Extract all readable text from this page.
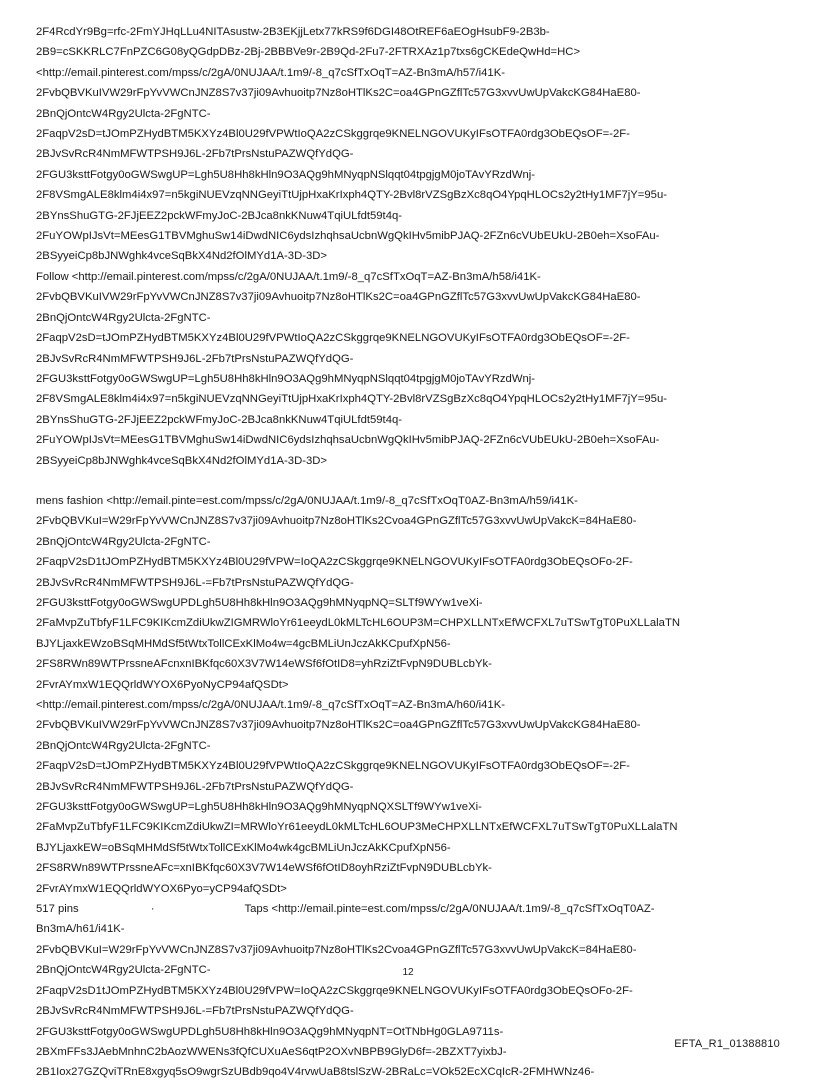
2F4RcdYr9Bg=rfc-2FmYJHqLLu4NITAsustw-2B3EKjjLetx77kRS9f6DGI48OtREF6aEOgHsubF9-2B3b-
2B9=cSKKRLC7FnPZC6G08yQGdpDBz-2Bj-2BBBVe9r-2B9Qd-2Fu7-2FTRXAz1p7txs6gCKEdeQwHd=HC>
<http://email.pinterest.com/mpss/c/2gA/0NUJAA/t.1m9/-8_q7cSfTxOqT=AZ-Bn3mA/h57/i41K-
2FvbQBVKuIVW29rFpYvVWCnJNZ8S7v37ji09Avhuoitp7Nz8oHTlKs2C=oa4GPnGZflTc57G3xvvUwUpVakcKG84HaE80-
2BnQjOntcW4Rgy2Ulcta-2FgNTC-
2FaqpV2sD=tJOmPZHydBTM5KXYz4Bl0U29fVPWtIoQA2zCSkggrqe9KNELNGOVUKyIFsOTFA0rdg3ObEQsOF=-2F-
2BJvSvRcR4NmMFWTPSH9J6L-2Fb7tPrsNstuPAZWQfYdQG-
2FGU3ksttFotgy0oGWSwgUP=Lgh5U8Hh8kHln9O3AQg9hMNyqpNSlqqt04tpgjgM0joTAvYRzdWnj-
2F8VSmgALE8klm4i4x97=n5kgiNUEVzqNNGeyiTtUjpHxaKrIxph4QTY-2Bvl8rVZSgBzXc8qO4YpqHLOCs2y2tHy1MF7jY=95u-
2BYnsShuGTG-2FJjEEZ2pckWFmyJoC-2BJca8nkKNuw4TqiULfdt59t4q-
2FuYOWpIJsVt=MEesG1TBVMghuSw14iDwdNIC6ydsIzhqhsaUcbnWgQkIHv5mibPJAQ-2FZn6cVUbEUkU-2B0eh=XsoFAu-
2BSyyeiCp8bJNWghk4vceSqBkX4Nd2fOlMYd1A-3D-3D>
Follow <http://email.pinterest.com/mpss/c/2gA/0NUJAA/t.1m9/-8_q7cSfTxOqT=AZ-Bn3mA/h58/i41K-
2FvbQBVKuIVW29rFpYvVWCnJNZ8S7v37ji09Avhuoitp7Nz8oHTlKs2C=oa4GPnGZflTc57G3xvvUwUpVakcKG84HaE80-
2BnQjOntcW4Rgy2Ulcta-2FgNTC-
2FaqpV2sD=tJOmPZHydBTM5KXYz4Bl0U29fVPWtIoQA2zCSkggrqe9KNELNGOVUKyIFsOTFA0rdg3ObEQsOF=-2F-
2BJvSvRcR4NmMFWTPSH9J6L-2Fb7tPrsNstuPAZWQfYdQG-
2FGU3ksttFotgy0oGWSwgUP=Lgh5U8Hh8kHln9O3AQg9hMNyqpNSlqqt04tpgjgM0joTAvYRzdWnj-
2F8VSmgALE8klm4i4x97=n5kgiNUEVzqNNGeyiTtUjpHxaKrIxph4QTY-2Bvl8rVZSgBzXc8qO4YpqHLOCs2y2tHy1MF7jY=95u-
2BYnsShuGTG-2FJjEEZ2pckWFmyJoC-2BJca8nkKNuw4TqiULfdt59t4q-
2FuYOWpIJsVt=MEesG1TBVMghuSw14iDwdNIC6ydsIzhqhsaUcbnWgQkIHv5mibPJAQ-2FZn6cVUbEUkU-2B0eh=XsoFAu-
2BSyyeiCp8bJNWghk4vceSqBkX4Nd2fOlMYd1A-3D-3D>
mens fashion <http://email.pinte=est.com/mpss/c/2gA/0NUJAA/t.1m9/-8_q7cSfTxOqT0AZ-Bn3mA/h59/i41K-
2FvbQBVKuI=W29rFpYvVWCnJNZ8S7v37ji09Avhuoitp7Nz8oHTlKs2Cvoa4GPnGZflTc57G3xvvUwUpVakcK=84HaE80-
2BnQjOntcW4Rgy2Ulcta-2FgNTC-
2FaqpV2sD1tJOmPZHydBTM5KXYz4Bl0U29fVPW=IoQA2zCSkggrqe9KNELNGOVUKyIFsOTFA0rdg3ObEQsOFo-2F-
2BJvSvRcR4NmMFWTPSH9J6L-=Fb7tPrsNstuPAZWQfYdQG-
2FGU3ksttFotgy0oGWSwgUPDLgh5U8Hh8kHln9O3AQg9hMNyqpNQ=SLTf9WYw1veXi-
2FaMvpZuTbfyF1LFC9KIKcmZdiUkwZIGMRWloYr61eeydL0kMLTcHL6OUP3M=CHPXLLNTxEfWCFXL7uTSwTgT0PuXLLalaTN
BJYLjaxkEWzoBSqMHMdSf5tWtxTollCExKlMo4w=4gcBMLiUnJczAkKCpufXpN56-
2FS8RWn89WTPrssneAFcnxnIBKfqc60X3V7W14eWSf6fOtID8=yhRziZtFvpN9DUBLcbYk-
2FvrAYmxW1EQQrldWYOX6PyoNyCP94afQSDt>
<http://email.pinterest.com/mpss/c/2gA/0NUJAA/t.1m9/-8_q7cSfTxOqT=AZ-Bn3mA/h60/i41K-
2FvbQBVKuIVW29rFpYvVWCnJNZ8S7v37ji09Avhuoitp7Nz8oHTlKs2C=oa4GPnGZflTc57G3xvvUwUpVakcKG84HaE80-
2BnQjOntcW4Rgy2Ulcta-2FgNTC-
2FaqpV2sD=tJOmPZHydBTM5KXYz4Bl0U29fVPWtIoQA2zCSkggrqe9KNELNGOVUKyIFsOTFA0rdg3ObEQsOF=-2F-
2BJvSvRcR4NmMFWTPSH9J6L-2Fb7tPrsNstuPAZWQfYdQG-
2FGU3ksttFotgy0oGWSwgUP=Lgh5U8Hh8kHln9O3AQg9hMNyqpNQXSLTf9WYw1veXi-
2FaMvpZuTbfyF1LFC9KIKcmZdiUkwZI=MRWloYr61eeydL0kMLTcHL6OUP3MeCHPXLLNTxEfWCFXL7uTSwTgT0PuXLLalaTN
BJYLjaxkEW=oBSqMHMdSf5tWtxTollCExKlMo4wk4gcBMLiUnJczAkKCpufXpN56-
2FS8RWn89WTPrssneAFc=xnIBKfqc60X3V7W14eWSf6fOtID8oyhRziZtFvpN9DUBLcbYk-
2FvrAYmxW1EQQrldWYOX6Pyo=yCP94afQSDt>
517 pins	·	Taps <http://email.pinte=est.com/mpss/c/2gA/0NUJAA/t.1m9/-8_q7cSfTxOqT0AZ-
Bn3mA/h61/i41K-
2FvbQBVKuI=W29rFpYvVWCnJNZ8S7v37ji09Avhuoitp7Nz8oHTlKs2Cvoa4GPnGZflTc57G3xvvUwUpVakcK=84HaE80-
2BnQjOntcW4Rgy2Ulcta-2FgNTC-
2FaqpV2sD1tJOmPZHydBTM5KXYz4Bl0U29fVPW=IoQA2zCSkggrqe9KNELNGOVUKyIFsOTFA0rdg3ObEQsOFo-2F-
2BJvSvRcR4NmMFWTPSH9J6L-=Fb7tPrsNstuPAZWQfYdQG-
2FGU3ksttFotgy0oGWSwgUPDLgh5U8Hh8kHln9O3AQg9hMNyqpNT=OtTNbHg0GLA9711s-
2BXmFFs3JAebMnhnC2bAozWWENs3fQfCUXuAeS6qtP2OXvNBPB9GlyD6f=-2BZXT7yixbJ-
2B1Iox27GZQviTRnE8xgyq5sO9wgrSzUBdb9qo4V4rvwUaB8tslSzW-2BRaLc=VOk52EcXCqIcR-2FMHWNz46-
12
EFTA_R1_01388810
